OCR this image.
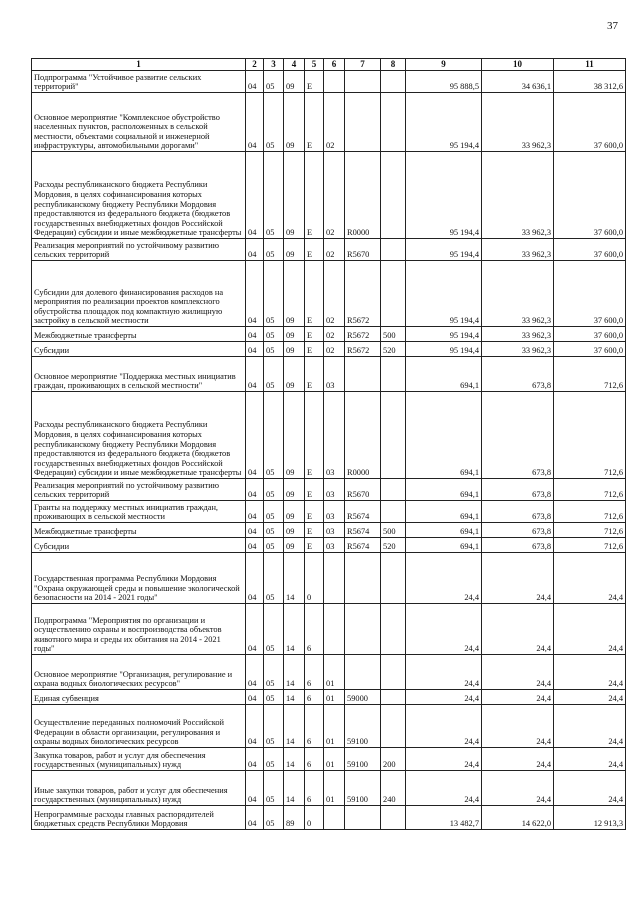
37
1	2	3	4	5	6	7	8	9	10	11
Подпрограмма "Устойчивое развитие сельских территорий"	04	05	09	Е				95 888,5	34 636,1	38 312,6
Основное мероприятие "Комплексное обустройство населенных пунктов, расположенных в сельской местности, объектами социальной и инженерной инфраструктуры, автомобильными дорогами"	04	05	09	Е	02			95 194,4	33 962,3	37 600,0
Расходы республиканского бюджета Республики Мордовия, в целях софинансирования которых республиканскому бюджету Республики Мордовия предоставляются из федерального бюджета (бюджетов государственных внебюджетных фондов Российской Федерации) субсидии и иные межбюджетные трансферты	04	05	09	Е	02	R0000		95 194,4	33 962,3	37 600,0
Реализация мероприятий по устойчивому развитию сельских территорий	04	05	09	Е	02	R5670		95 194,4	33 962,3	37 600,0
Субсидии для долевого финансирования расходов на мероприятия по реализации проектов комплексного обустройства площадок под компактную жилищную застройку в сельской местности	04	05	09	Е	02	R5672		95 194,4	33 962,3	37 600,0
Межбюджетные трансферты	04	05	09	Е	02	R5672	500	95 194,4	33 962,3	37 600,0
Субсидии	04	05	09	Е	02	R5672	520	95 194,4	33 962,3	37 600,0
Основное мероприятие "Поддержка местных инициатив граждан, проживающих в сельской местности"	04	05	09	Е	03			694,1	673,8	712,6
Расходы республиканского бюджета Республики Мордовия, в целях софинансирования которых республиканскому бюджету Республики Мордовия предоставляются из федерального бюджета (бюджетов государственных внебюджетных фондов Российской Федерации) субсидии и иные межбюджетные трансферты	04	05	09	Е	03	R0000		694,1	673,8	712,6
Реализация мероприятий по устойчивому развитию сельских территорий	04	05	09	Е	03	R5670		694,1	673,8	712,6
Гранты на поддержку местных инициатив граждан, проживающих в сельской местности	04	05	09	Е	03	R5674		694,1	673,8	712,6
Межбюджетные трансферты	04	05	09	Е	03	R5674	500	694,1	673,8	712,6
Субсидии	04	05	09	Е	03	R5674	520	694,1	673,8	712,6
Государственная программа Республики Мордовия "Охрана окружающей среды и повышение экологической безопасности на 2014 - 2021 годы"	04	05	14	0				24,4	24,4	24,4
Подпрограмма "Мероприятия по организации и осуществлению охраны и воспроизводства объектов животного мира и среды их обитания на 2014 - 2021 годы"	04	05	14	6				24,4	24,4	24,4
Основное мероприятие "Организация, регулирование и охрана водных биологических ресурсов"	04	05	14	6	01			24,4	24,4	24,4
Единая субвенция	04	05	14	6	01	59000		24,4	24,4	24,4
Осуществление переданных полномочий Российской Федерации в области организации, регулирования и охраны водных биологических ресурсов	04	05	14	6	01	59100		24,4	24,4	24,4
Закупка товаров, работ и услуг для обеспечения государственных (муниципальных) нужд	04	05	14	6	01	59100	200	24,4	24,4	24,4
Иные закупки товаров, работ и услуг для обеспечения государственных (муниципальных) нужд	04	05	14	6	01	59100	240	24,4	24,4	24,4
Непрограммные расходы главных распорядителей бюджетных средств Республики Мордовия	04	05	89	0				13 482,7	14 622,0	12 913,3
